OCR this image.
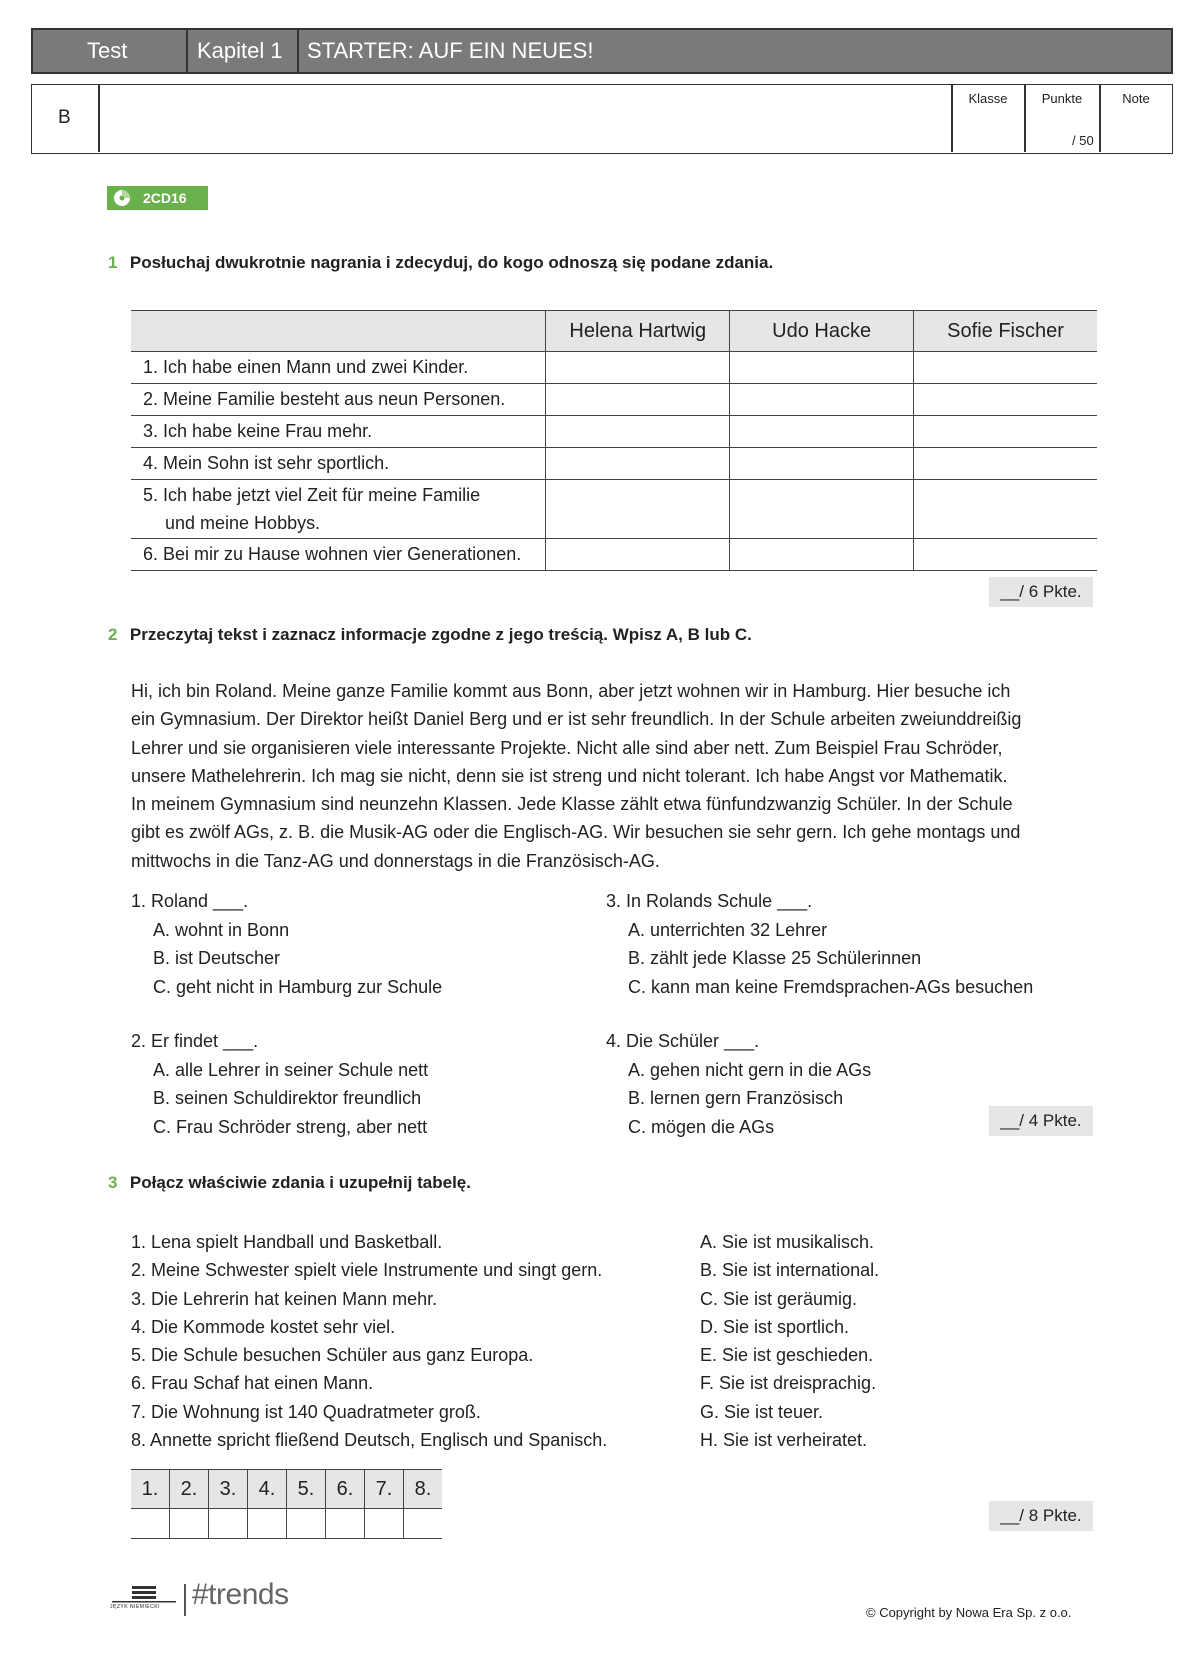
Test	Kapitel 1 STARTER: AUF EIN NEUES!
B
Klasse	Punkte
/ 50
Note
2CD16
1 Posłuchaj dwukrotnie nagrania i zdecyduj, do kogo odnoszą się podane zdania.
	Helena Hartwig	Udo Hacke	Sofie Fischer
1. Ich habe einen Mann und zwei Kinder.			
2. Meine Familie besteht aus neun Personen.			
3. Ich habe keine Frau mehr.			
4. Mein Sohn ist sehr sportlich.			
5. Ich habe jetzt viel Zeit für meine Familie
und meine Hobbys.			
6. Bei mir zu Hause wohnen vier Generationen.			
__/ 6 Pkte.
2 Przeczytaj tekst i zaznacz informacje zgodne z jego treścią. Wpisz A, B lub C.
Hi, ich bin Roland. Meine ganze Familie kommt aus Bonn, aber jetzt wohnen wir in Hamburg. Hier besuche ich
ein Gymnasium. Der Direktor heißt Daniel Berg und er ist sehr freundlich. In der Schule arbeiten zweiunddreißig
Lehrer und sie organisieren viele interessante Projekte. Nicht alle sind aber nett. Zum Beispiel Frau Schröder,
unsere Mathelehrerin. Ich mag sie nicht, denn sie ist streng und nicht tolerant. Ich habe Angst vor Mathematik.
In meinem Gymnasium sind neunzehn Klassen. Jede Klasse zählt etwa fünfundzwanzig Schüler. In der Schule
gibt es zwölf AGs, z. B. die Musik-AG oder die Englisch-AG. Wir besuchen sie sehr gern. Ich gehe montags und
mittwochs in die Tanz-AG und donnerstags in die Französisch-AG.
1. Roland ___.
A. wohnt in Bonn
B. ist Deutscher
C. geht nicht in Hamburg zur Schule
2. Er findet ___.
A. alle Lehrer in seiner Schule nett
B. seinen Schuldirektor freundlich
C. Frau Schröder streng, aber nett
3. In Rolands Schule ___.
A. unterrichten 32 Lehrer
B. zählt jede Klasse 25 Schülerinnen
C. kann man keine Fremdsprachen-AGs besuchen
4. Die Schüler ___.
A. gehen nicht gern in die AGs
B. lernen gern Französisch
C. mögen die AGs	__/ 4 Pkte.
3 Połącz właściwie zdania i uzupełnij tabelę.
1. Lena spielt Handball und Basketball.
2. Meine Schwester spielt viele Instrumente und singt gern.
3. Die Lehrerin hat keinen Mann mehr.
4. Die Kommode kostet sehr viel.
5. Die Schule besuchen Schüler aus ganz Europa.
6. Frau Schaf hat einen Mann.
7. Die Wohnung ist 140 Quadratmeter groß.
8. Annette spricht fließend Deutsch, Englisch und Spanisch.
A. Sie ist musikalisch.
B. Sie ist international.
C. Sie ist geräumig.
D. Sie ist sportlich.
E. Sie ist geschieden.
F. Sie ist dreisprachig.
G. Sie ist teuer.
H. Sie ist verheiratet.
1.	2.	3.	4.	5.	6.	7.	8.

__/ 8 Pkte.
JĘZYK NIEMIECKI #trends
© Copyright by Nowa Era Sp. z o.o.
